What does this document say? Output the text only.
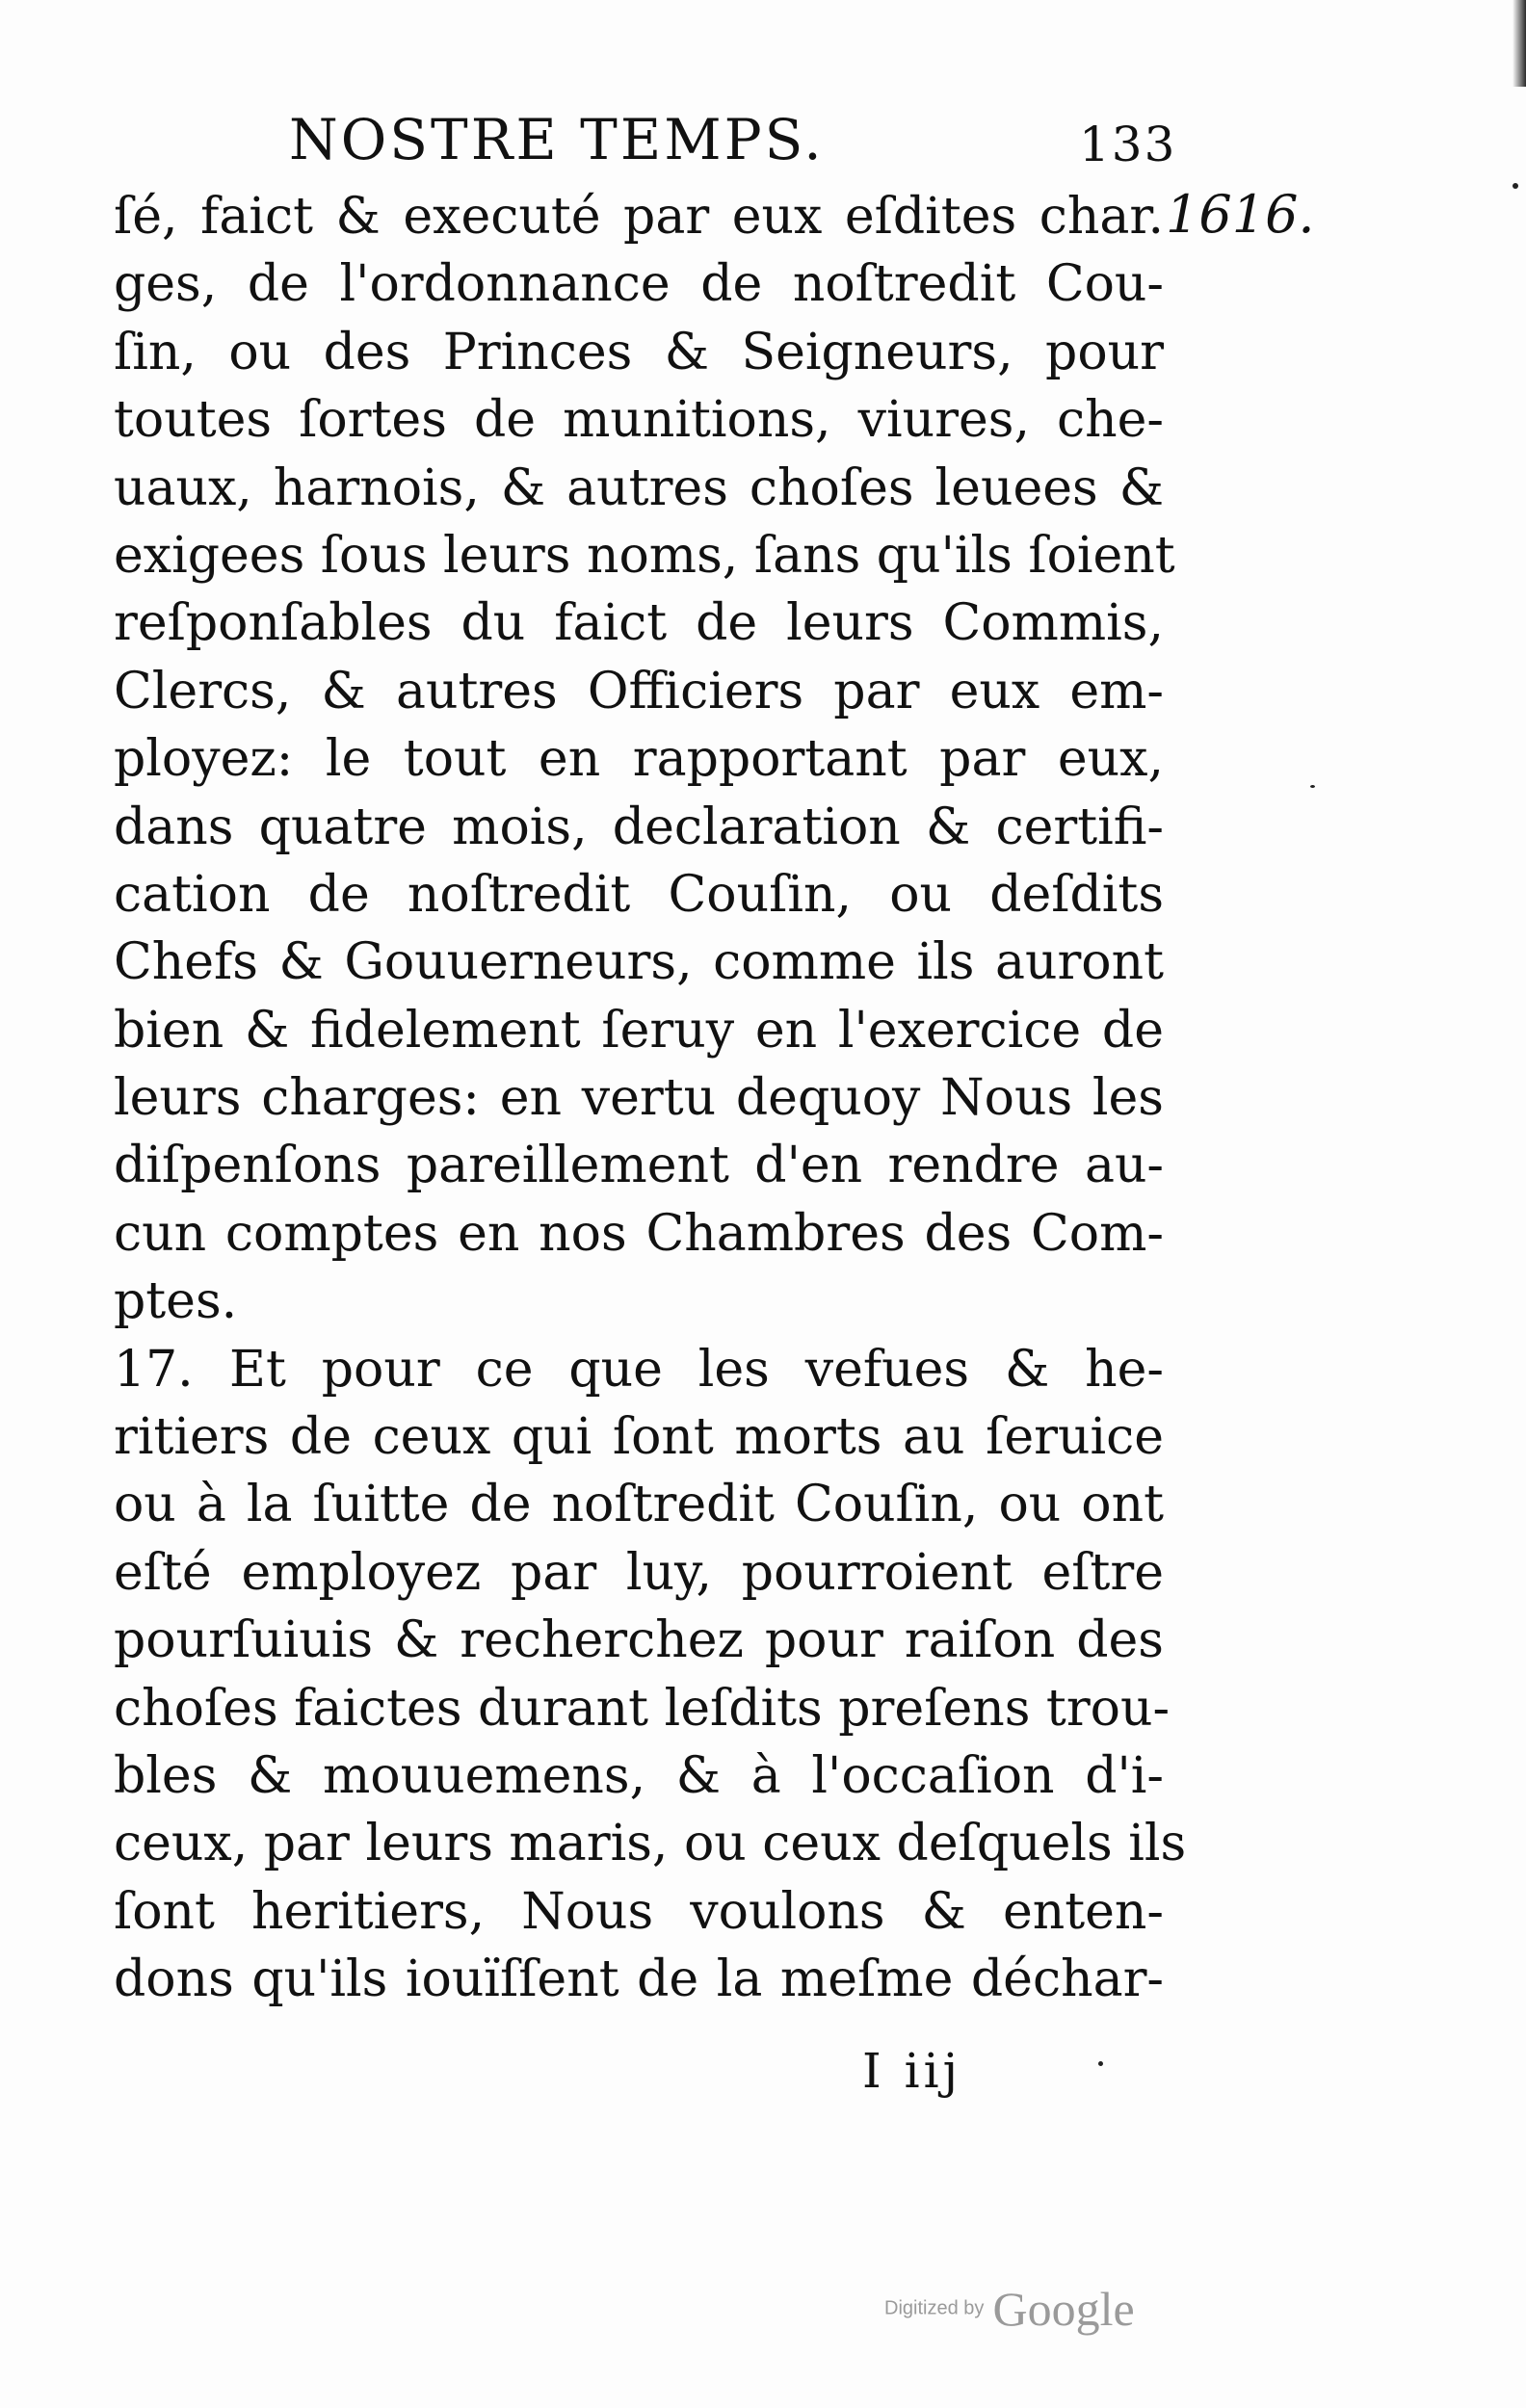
NOSTRE TEMPS.	133
1616.
ſé, faict & executé par eux eſdites char.
ges, de l'ordonnance de noſtredit Cou-
ſin, ou des Princes & Seigneurs, pour
toutes ſortes de munitions, viures, che-
uaux, harnois, & autres choſes leuees &
exigees ſous leurs noms, ſans qu'ils ſoient
reſponſables du faict de leurs Commis,
Clercs, & autres Officiers par eux em-
ployez: le tout en rapportant par eux,
dans quatre mois, declaration & certifi-
cation de noſtredit Couſin, ou deſdits
Chefs & Gouuerneurs, comme ils auront
bien & fidelement ſeruy en l'exercice de
leurs charges: en vertu dequoy Nous les
diſpenſons pareillement d'en rendre au-
cun comptes en nos Chambres des Com-
ptes.
17. Et pour ce que les vefues & he-
ritiers de ceux qui ſont morts au ſeruice
ou à la ſuitte de noſtredit Couſin, ou ont
eſté employez par luy, pourroient eſtre
pourſuiuis & recherchez pour raiſon des
choſes faictes durant leſdits preſens trou-
bles & mouuemens, & à l'occaſion d'i-
ceux, par leurs maris, ou ceux deſquels ils
ſont heritiers, Nous voulons & enten-
dons qu'ils iouïſſent de la meſme déchar-
I iij
Digitized by Google
